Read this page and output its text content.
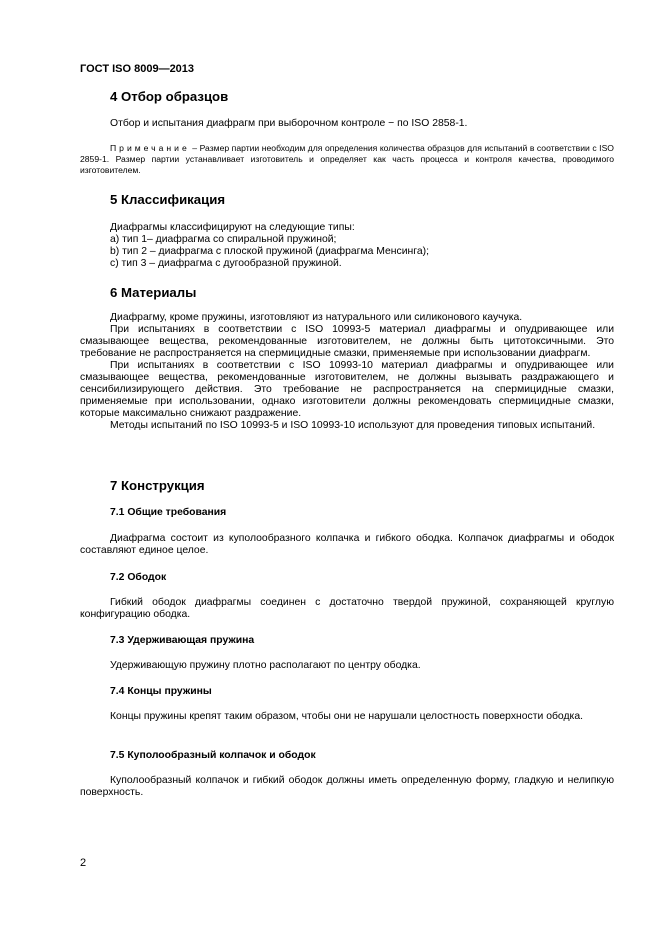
ГОСТ ISO 8009—2013
4 Отбор образцов

Отбор и испытания диафрагм при выборочном контроле − по ISO 2858-1.

Примечание – Размер партии необходим для определения количества образцов для испытаний в соответствии с ISO 2859-1. Размер партии устанавливает изготовитель и определяет как часть процесса и контроля качества, проводимого изготовителем.

5 Классификация

Диафрагмы классифицируют на следующие типы:

а) тип 1– диафрагма со спиральной пружиной;

b) тип 2 – диафрагма с плоской пружиной (диафрагма Менсинга);

с) тип 3 – диафрагма с дугообразной пружиной.

6 Материалы

Диафрагму, кроме пружины, изготовляют из натурального или силиконового каучука.

При испытаниях в соответствии с ISO 10993-5 материал диафрагмы и опудривающее или смазывающее вещества, рекомендованные изготовителем, не должны быть цитотоксичными. Это требование не распространяется на спермицидные смазки, применяемые при использовании диафрагм.

При испытаниях в соответствии с ISO 10993-10 материал диафрагмы и опудривающее или смазывающее вещества, рекомендованные изготовителем, не должны вызывать раздражающего и сенсибилизирующего действия. Это требование не распространяется на спермицидные смазки, применяемые при использовании, однако изготовители должны рекомендовать спермицидные смазки, которые максимально снижают раздражение.

Методы испытаний по ISO 10993-5 и ISO 10993-10 используют для проведения типовых испытаний.

7 Конструкция
7.1 Общие требования

Диафрагма состоит из куполообразного колпачка и гибкого ободка. Колпачок диафрагмы и ободок составляют единое целое.

7.2 Ободок

Гибкий ободок диафрагмы соединен с достаточно твердой пружиной, сохраняющей круглую конфигурацию ободка.

7.3 Удерживающая пружина

Удерживающую пружину плотно располагают по центру ободка.

7.4 Концы пружины

Концы пружины крепят таким образом, чтобы они не нарушали целостность поверхности ободка.

7.5 Куполообразный колпачок и ободок

Куполообразный колпачок и гибкий ободок должны иметь определенную форму, гладкую и нелипкую поверхность.

2
